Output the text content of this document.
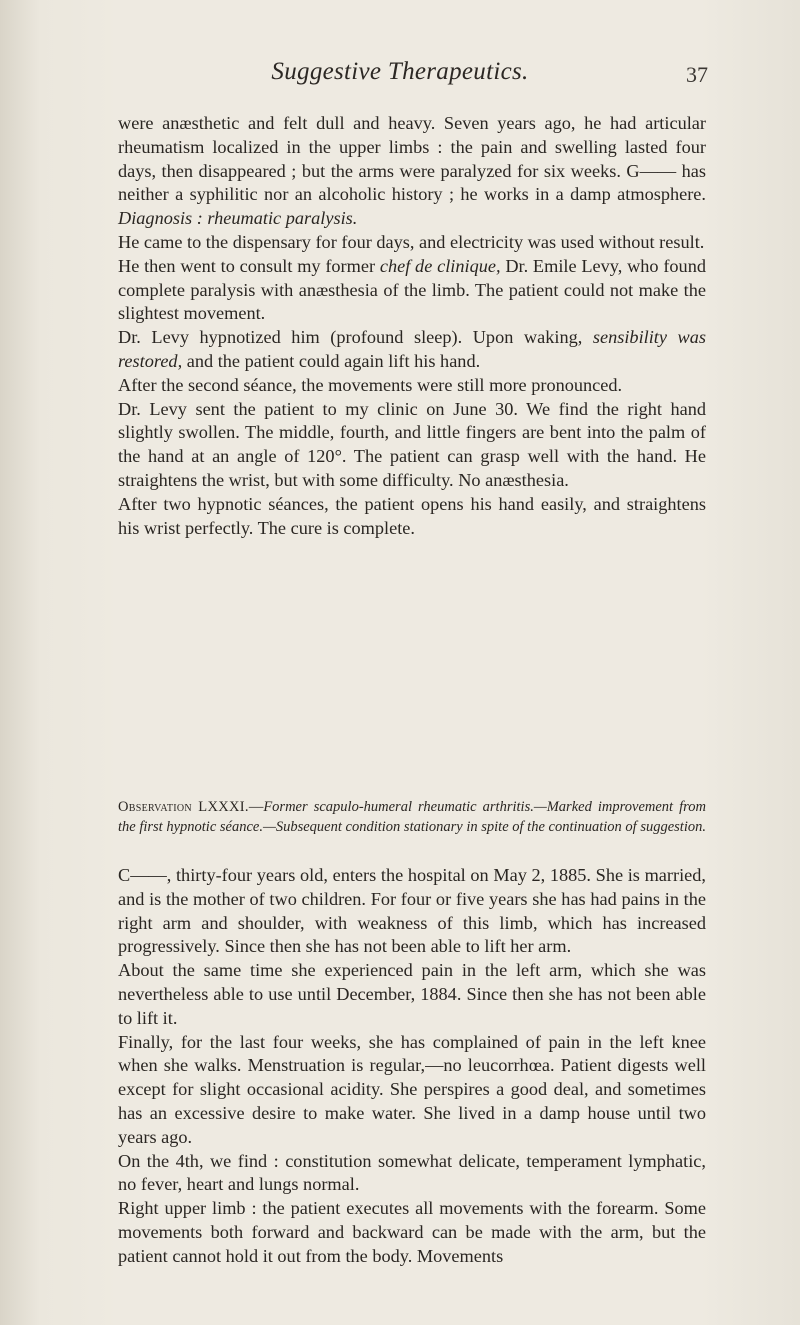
Suggestive Therapeutics.	37

were anæsthetic and felt dull and heavy. Seven years ago, he had articular rheumatism localized in the upper limbs : the pain and swelling lasted four days, then disappeared ; but the arms were paralyzed for six weeks. G—— has neither a syphilitic nor an alcoholic history ; he works in a damp atmosphere. Diagnosis : rheumatic paralysis.

He came to the dispensary for four days, and electricity was used without result.

He then went to consult my former chef de clinique, Dr. Emile Levy, who found complete paralysis with anæsthesia of the limb. The patient could not make the slightest movement.

Dr. Levy hypnotized him (profound sleep). Upon waking, sensibility was restored, and the patient could again lift his hand.

After the second séance, the movements were still more pronounced.

Dr. Levy sent the patient to my clinic on June 30. We find the right hand slightly swollen. The middle, fourth, and little fingers are bent into the palm of the hand at an angle of 120°. The patient can grasp well with the hand. He straightens the wrist, but with some difficulty. No anæsthesia.

After two hypnotic séances, the patient opens his hand easily, and straightens his wrist perfectly. The cure is complete.

Observation LXXXI.—Former scapulo-humeral rheumatic arthritis.—Marked improvement from the first hypnotic séance.—Subsequent condition stationary in spite of the continuation of suggestion.

C——, thirty-four years old, enters the hospital on May 2, 1885. She is married, and is the mother of two children. For four or five years she has had pains in the right arm and shoulder, with weakness of this limb, which has increased progressively. Since then she has not been able to lift her arm.

About the same time she experienced pain in the left arm, which she was nevertheless able to use until December, 1884. Since then she has not been able to lift it.

Finally, for the last four weeks, she has complained of pain in the left knee when she walks. Menstruation is regular,—no leucorrhœa. Patient digests well except for slight occasional acidity. She perspires a good deal, and sometimes has an excessive desire to make water. She lived in a damp house until two years ago.

On the 4th, we find : constitution somewhat delicate, temperament lymphatic, no fever, heart and lungs normal.

Right upper limb : the patient executes all movements with the forearm. Some movements both forward and backward can be made with the arm, but the patient cannot hold it out from the body. Movements
